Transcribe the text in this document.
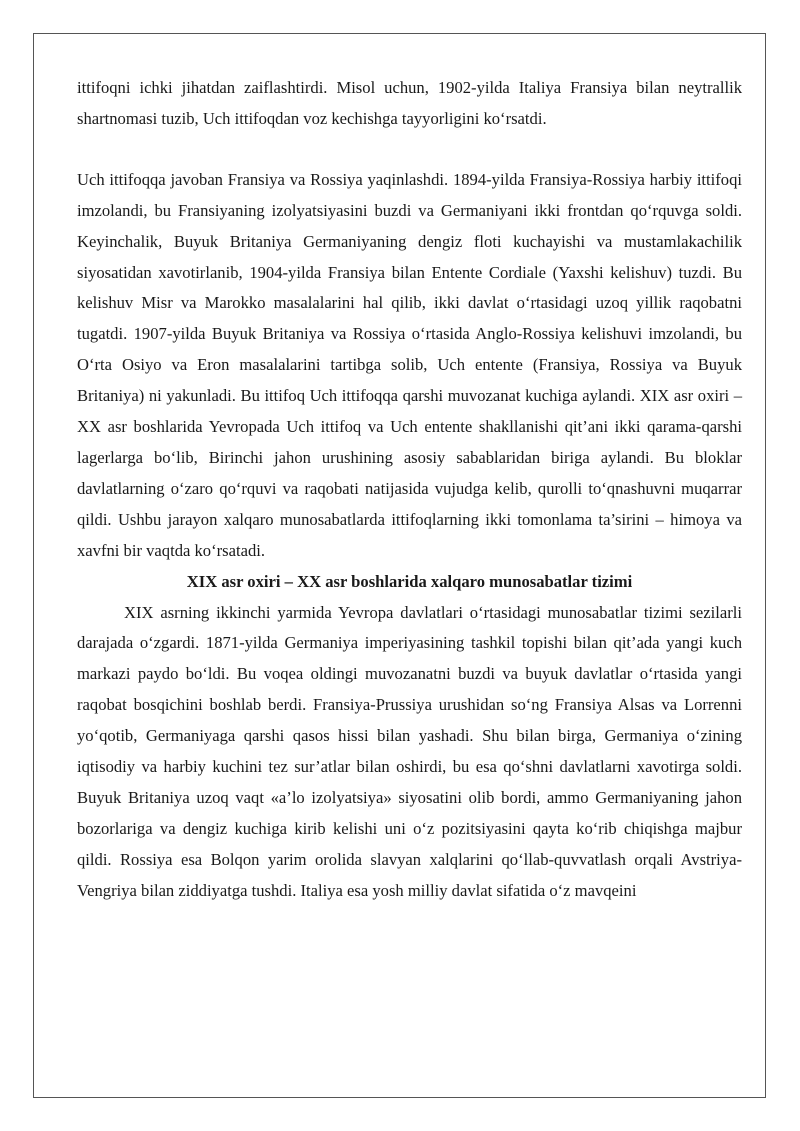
ittifoqni ichki jihatdan zaiflashtirdi. Misol uchun, 1902-yilda Italiya Fransiya bilan neytrallik shartnomasi tuzib, Uch ittifoqdan voz kechishga tayyorligini ko‘rsatdi.

Uch ittifoqqa javoban Fransiya va Rossiya yaqinlashdi. 1894-yilda Fransiya-Rossiya harbiy ittifoqi imzolandi, bu Fransiyaning izolyatsiyasini buzdi va Germaniyani ikki frontdan qo‘rquvga soldi. Keyinchalik, Buyuk Britaniya Germaniyaning dengiz floti kuchayishi va mustamlakachilik siyosatidan xavotirlanib, 1904-yilda Fransiya bilan Entente Cordiale (Yaxshi kelishuv) tuzdi. Bu kelishuv Misr va Marokko masalalarini hal qilib, ikki davlat o‘rtasidagi uzoq yillik raqobatni tugatdi. 1907-yilda Buyuk Britaniya va Rossiya o‘rtasida Anglo-Rossiya kelishuvi imzolandi, bu O‘rta Osiyo va Eron masalalarini tartibga solib, Uch entente (Fransiya, Rossiya va Buyuk Britaniya) ni yakunladi. Bu ittifoq Uch ittifoqqa qarshi muvozanat kuchiga aylandi. XIX asr oxiri – XX asr boshlarida Yevropada Uch ittifoq va Uch entente shakllanishi qit’ani ikki qarama-qarshi lagerlarga bo‘lib, Birinchi jahon urushining asosiy sabablaridan biriga aylandi. Bu bloklar davlatlarning o‘zaro qo‘rquvi va raqobati natijasida vujudga kelib, qurolli to‘qnashuvni muqarrar qildi. Ushbu jarayon xalqaro munosabatlarda ittifoqlarning ikki tomonlama ta’sirini – himoya va xavfni bir vaqtda ko‘rsatadi.

XIX asr oxiri – XX asr boshlarida xalqaro munosabatlar tizimi

XIX asrning ikkinchi yarmida Yevropa davlatlari o‘rtasidagi munosabatlar tizimi sezilarli darajada o‘zgardi. 1871-yilda Germaniya imperiyasining tashkil topishi bilan qit’ada yangi kuch markazi paydo bo‘ldi. Bu voqea oldingi muvozanatni buzdi va buyuk davlatlar o‘rtasida yangi raqobat bosqichini boshlab berdi. Fransiya-Prussiya urushidan so‘ng Fransiya Alsas va Lorrenni yo‘qotib, Germaniyaga qarshi qasos hissi bilan yashadi. Shu bilan birga, Germaniya o‘zining iqtisodiy va harbiy kuchini tez sur’atlar bilan oshirdi, bu esa qo‘shni davlatlarni xavotirga soldi. Buyuk Britaniya uzoq vaqt «a’lo izolyatsiya» siyosatini olib bordi, ammo Germaniyaning jahon bozorlariga va dengiz kuchiga kirib kelishi uni o‘z pozitsiyasini qayta ko‘rib chiqishga majbur qildi. Rossiya esa Bolqon yarim orolida slavyan xalqlarini qo‘llab-quvvatlash orqali Avstriya-Vengriya bilan ziddiyatga tushdi. Italiya esa yosh milliy davlat sifatida o‘z mavqeini
